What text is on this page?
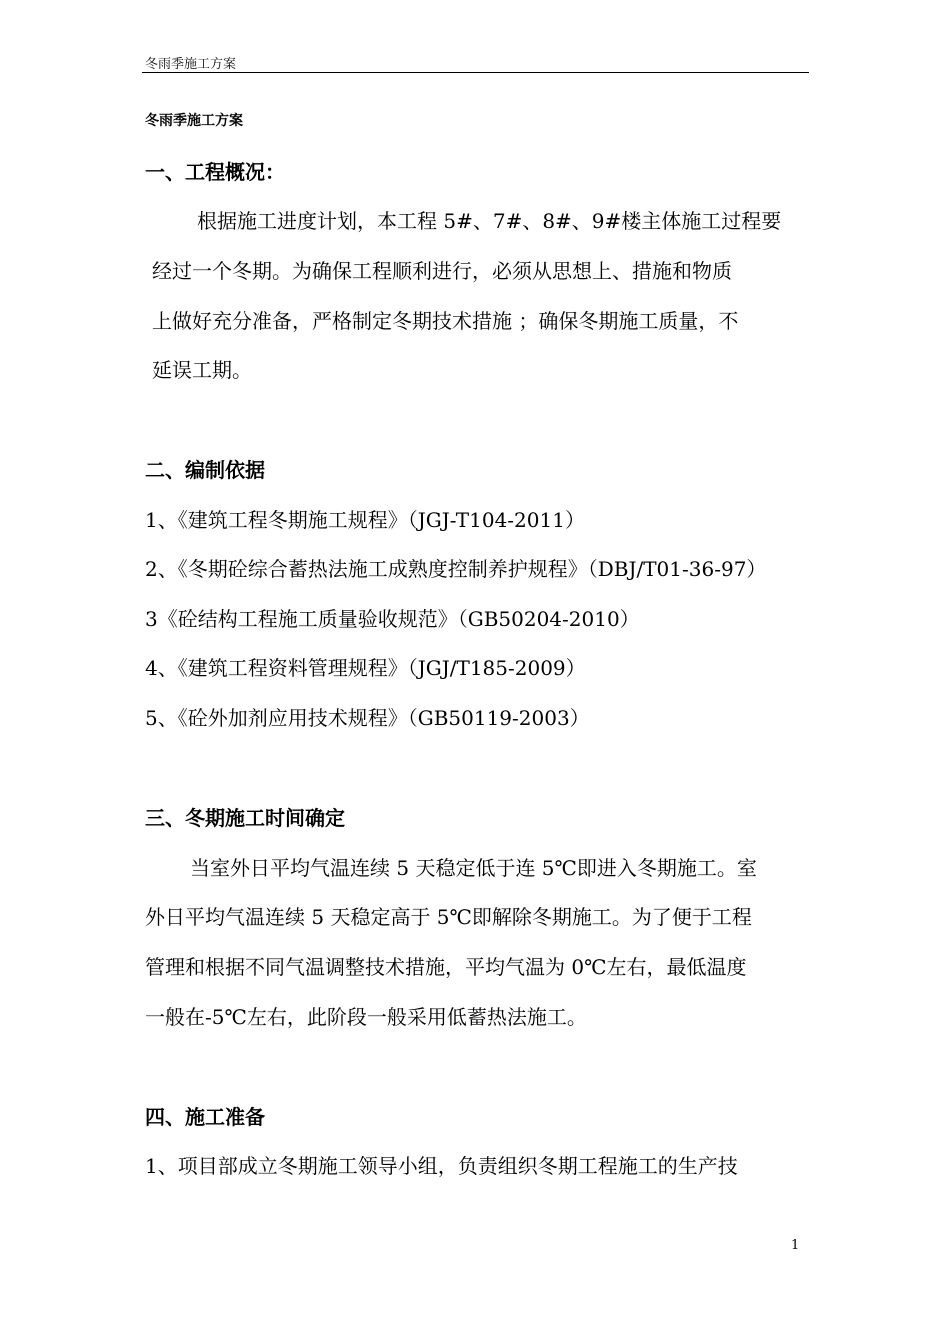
冬雨季施工方案
冬雨季施工方案
一、工程概况：
根据施工进度计划，本工程 5#、7#、8#、9#楼主体施工过程要
经过一个冬期。为确保工程顺利进行，必须从思想上、措施和物质
上做好充分准备，严格制定冬期技术措施 ；确保冬期施工质量，不
延误工期。
二、编制依据
1、《建筑工程冬期施工规程》（JGJ-T104-2011）
2、《冬期砼综合蓄热法施工成熟度控制养护规程》（DBJ/T01-36-97）
3《砼结构工程施工质量验收规范》（GB50204-2010）
4、《建筑工程资料管理规程》（JGJ/T185-2009）
5、《砼外加剂应用技术规程》（GB50119-2003）
三、冬期施工时间确定
当室外日平均气温连续 5 天稳定低于连 5℃即进入冬期施工。室
外日平均气温连续 5 天稳定高于 5℃即解除冬期施工。为了便于工程
管理和根据不同气温调整技术措施，平均气温为 0℃左右，最低温度
一般在-5℃左右，此阶段一般采用低蓄热法施工。
四、施工准备
1、项目部成立冬期施工领导小组，负责组织冬期工程施工的生产技
1
